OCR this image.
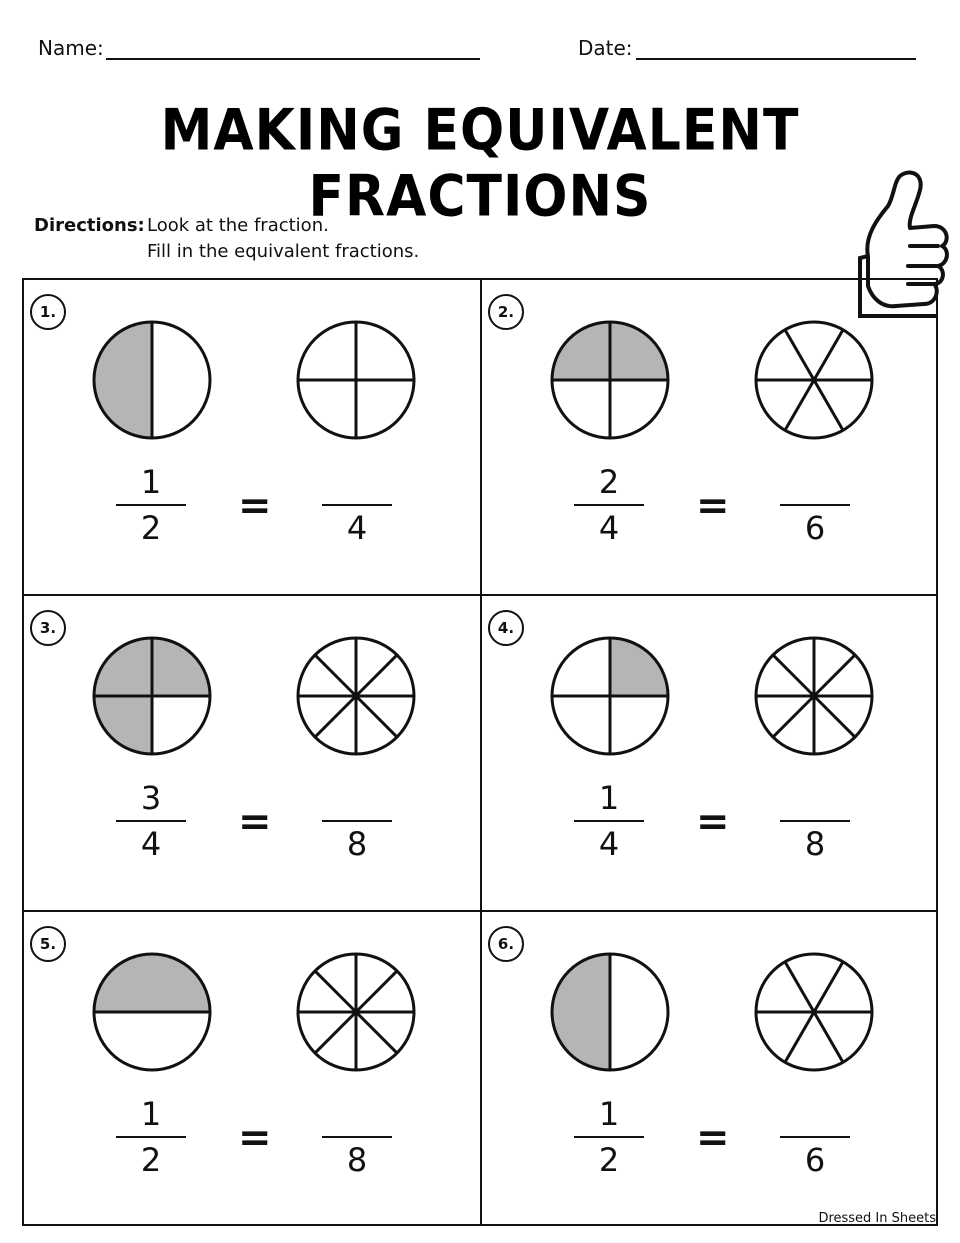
Name:	Date:
MAKING EQUIVALENT FRACTIONS
Directions: Look at the fraction.
Fill in the equivalent fractions.
1.
1
2	=	4
2.
2
4	=	6
3.
3
4	=	8
4.
1
4	=	8
5.
1
2	=	8
6.
1
2	=	6
Dressed In Sheets
